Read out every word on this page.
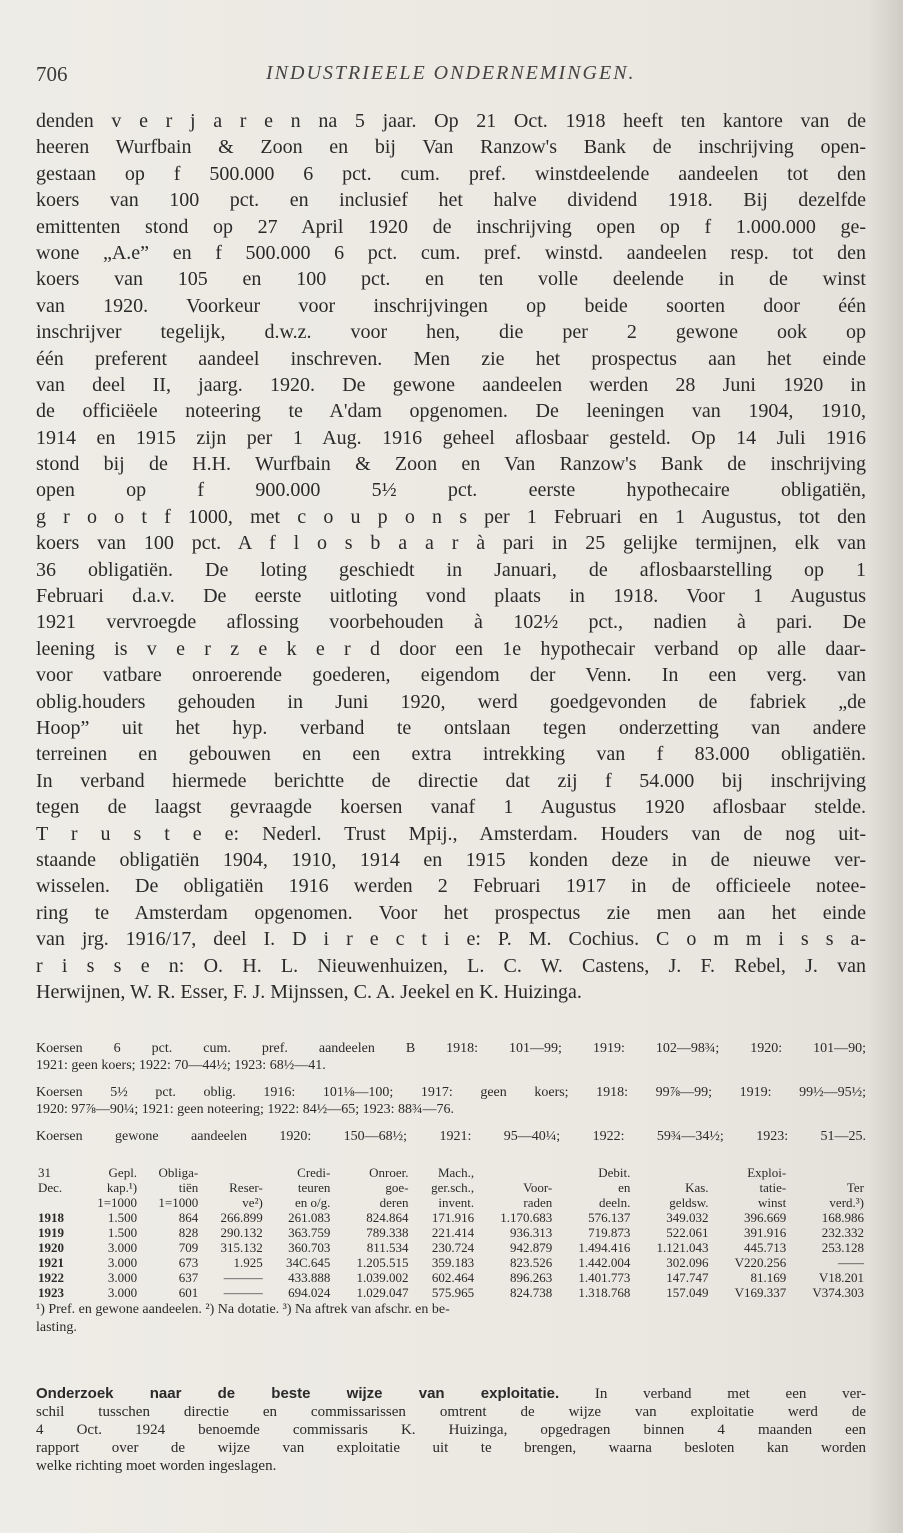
706	INDUSTRIEELE ONDERNEMINGEN.
denden v e r j a r e n na 5 jaar. Op 21 Oct. 1918 heeft ten kantore van de
heeren Wurfbain & Zoon en bij Van Ranzow's Bank de inschrijving open-
gestaan op f 500.000 6 pct. cum. pref. winstdeelende aandeelen tot den
koers van 100 pct. en inclusief het halve dividend 1918. Bij dezelfde
emittenten stond op 27 April 1920 de inschrijving open op f 1.000.000 ge-
wone „A.e” en f 500.000 6 pct. cum. pref. winstd. aandeelen resp. tot den
koers van 105 en 100 pct. en ten volle deelende in de winst
van 1920. Voorkeur voor inschrijvingen op beide soorten door één
inschrijver tegelijk, d.w.z. voor hen, die per 2 gewone ook op
één preferent aandeel inschreven. Men zie het prospectus aan het einde
van deel II, jaarg. 1920. De gewone aandeelen werden 28 Juni 1920 in
de officiëele noteering te A'dam opgenomen. De leeningen van 1904, 1910,
1914 en 1915 zijn per 1 Aug. 1916 geheel aflosbaar gesteld. Op 14 Juli 1916
stond bij de H.H. Wurfbain & Zoon en Van Ranzow's Bank de inschrijving
open op f 900.000 5½ pct. eerste hypothecaire obligatiën,
g r o o t f 1000, met c o u p o n s per 1 Februari en 1 Augustus, tot den
koers van 100 pct. A f l o s b a a r à pari in 25 gelijke termijnen, elk van
36 obligatiën. De loting geschiedt in Januari, de aflosbaarstelling op 1
Februari d.a.v. De eerste uitloting vond plaats in 1918. Voor 1 Augustus
1921 vervroegde aflossing voorbehouden à 102½ pct., nadien à pari. De
leening is v e r z e k e r d door een 1e hypothecair verband op alle daar-
voor vatbare onroerende goederen, eigendom der Venn. In een verg. van
oblig.houders gehouden in Juni 1920, werd goedgevonden de fabriek „de
Hoop” uit het hyp. verband te ontslaan tegen onderzetting van andere
terreinen en gebouwen en een extra intrekking van f 83.000 obligatiën.
In verband hiermede berichtte de directie dat zij f 54.000 bij inschrijving
tegen de laagst gevraagde koersen vanaf 1 Augustus 1920 aflosbaar stelde.
T r u s t e e: Nederl. Trust Mpij., Amsterdam. Houders van de nog uit-
staande obligatiën 1904, 1910, 1914 en 1915 konden deze in de nieuwe ver-
wisselen. De obligatiën 1916 werden 2 Februari 1917 in de officieele notee-
ring te Amsterdam opgenomen. Voor het prospectus zie men aan het einde
van jrg. 1916/17, deel I. D i r e c t i e: P. M. Cochius. C o m m i s s a-
r i s s e n: O. H. L. Nieuwenhuizen, L. C. W. Castens, J. F. Rebel, J. van
Herwijnen, W. R. Esser, F. J. Mijnssen, C. A. Jeekel en K. Huizinga.
Koersen 6 pct. cum. pref. aandeelen B 1918: 101—99; 1919: 102—98¾; 1920: 101—90;
1921: geen koers; 1922: 70—44½; 1923: 68½—41.
Koersen 5½ pct. oblig. 1916: 101⅛—100; 1917: geen koers; 1918: 99⅞—99; 1919: 99½—95½;
1920: 97⅞—90¼; 1921: geen noteering; 1922: 84½—65; 1923: 88¾—76.
Koersen gewone aandeelen 1920: 150—68½; 1921: 95—40¼; 1922: 59¾—34½; 1923: 51—25.
31	Gepl.	Obliga-		Credi-	Onroer.	Mach.,		Debit.		Exploi-	
Dec.	kap.¹)	tiën	Reser-	teuren	goe-	ger.sch.,	Voor-	en	Kas.	tatie-	Ter
	1=1000	1=1000	ve²)	en o/g.	deren	invent.	raden	deeln.	geldsw.	winst	verd.³)
1918	1.500	864	266.899	261.083	824.864	171.916	1.170.683	576.137	349.032	396.669	168.986
1919	1.500	828	290.132	363.759	789.338	221.414	936.313	719.873	522.061	391.916	232.332
1920	3.000	709	315.132	360.703	811.534	230.724	942.879	1.494.416	1.121.043	445.713	253.128
1921	3.000	673	1.925	34C.645	1.205.515	359.183	823.526	1.442.004	302.096	V220.256	——
1922	3.000	637	———	433.888	1.039.002	602.464	896.263	1.401.773	147.747	81.169	V18.201
1923	3.000	601	———	694.024	1.029.047	575.965	824.738	1.318.768	157.049	V169.337	V374.303
¹) Pref. en gewone aandeelen. ²) Na dotatie. ³) Na aftrek van afschr. en be-
lasting.
Onderzoek naar de beste wijze van exploitatie. In verband met een ver-
schil tusschen directie en commissarissen omtrent de wijze van exploitatie werd de
4 Oct. 1924 benoemde commissaris K. Huizinga, opgedragen binnen 4 maanden een
rapport over de wijze van exploitatie uit te brengen, waarna besloten kan worden
welke richting moet worden ingeslagen.
